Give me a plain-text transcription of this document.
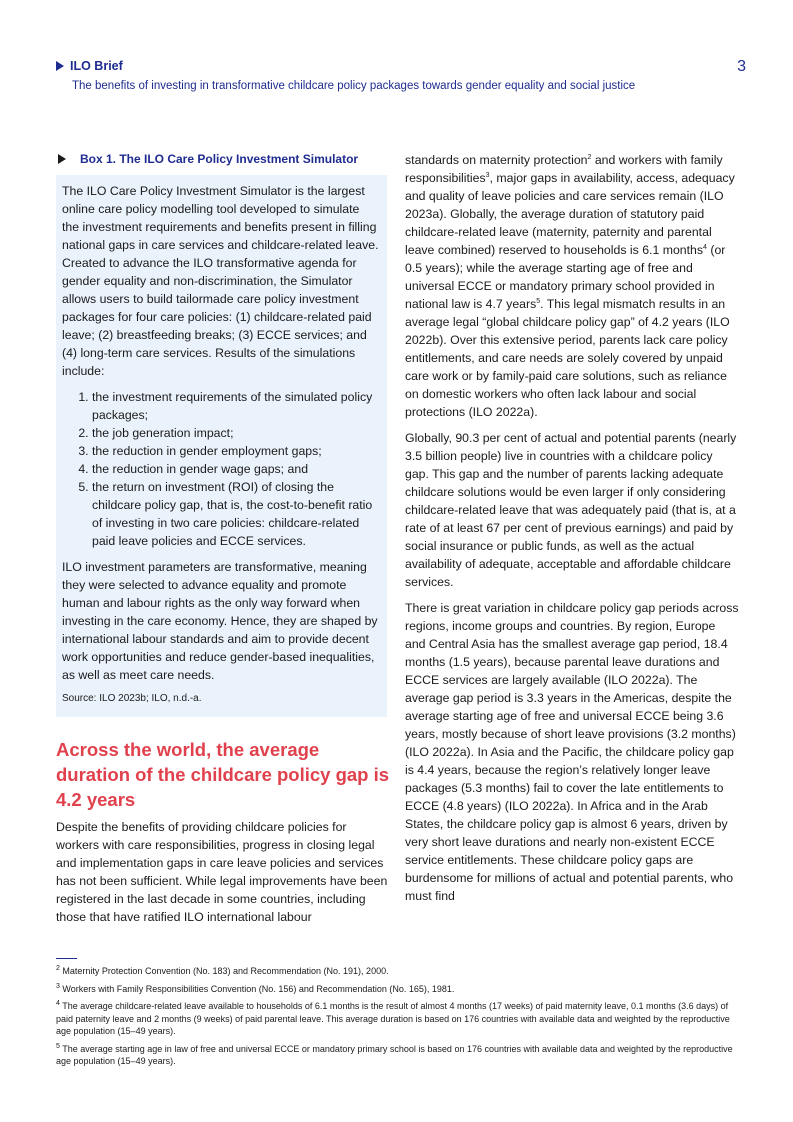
ILO Brief
The benefits of investing in transformative childcare policy packages towards gender equality and social justice
3
Box 1. The ILO Care Policy Investment Simulator

The ILO Care Policy Investment Simulator is the largest online care policy modelling tool developed to simulate the investment requirements and benefits present in filling national gaps in care services and childcare-related leave. Created to advance the ILO transformative agenda for gender equality and non-discrimination, the Simulator allows users to build tailormade care policy investment packages for four care policies: (1) childcare-related paid leave; (2) breastfeeding breaks; (3) ECCE services; and (4) long-term care services. Results of the simulations include:

1. the investment requirements of the simulated policy packages;
2. the job generation impact;
3. the reduction in gender employment gaps;
4. the reduction in gender wage gaps; and
5. the return on investment (ROI) of closing the childcare policy gap, that is, the cost-to-benefit ratio of investing in two care policies: childcare-related paid leave policies and ECCE services.

ILO investment parameters are transformative, meaning they were selected to advance equality and promote human and labour rights as the only way forward when investing in the care economy. Hence, they are shaped by international labour standards and aim to provide decent work opportunities and reduce gender-based inequalities, as well as meet care needs.

Source: ILO 2023b; ILO, n.d.-a.
Across the world, the average duration of the childcare policy gap is 4.2 years

Despite the benefits of providing childcare policies for workers with care responsibilities, progress in closing legal and implementation gaps in care leave policies and services has not been sufficient. While legal improvements have been registered in the last decade in some countries, including those that have ratified ILO international labour

standards on maternity protection$^2$ and workers with family responsibilities$^3$, major gaps in availability, access, adequacy and quality of leave policies and care services remain (ILO 2023a). Globally, the average duration of statutory paid childcare-related leave (maternity, paternity and parental leave combined) reserved to households is 6.1 months$^4$ (or 0.5 years); while the average starting age of free and universal ECCE or mandatory primary school provided in national law is 4.7 years$^5$. This legal mismatch results in an average legal “global childcare policy gap” of 4.2 years (ILO 2022b). Over this extensive period, parents lack care policy entitlements, and care needs are solely covered by unpaid care work or by family-paid care solutions, such as reliance on domestic workers who often lack labour and social protections (ILO 2022a).

Globally, 90.3 per cent of actual and potential parents (nearly 3.5 billion people) live in countries with a childcare policy gap. This gap and the number of parents lacking adequate childcare solutions would be even larger if only considering childcare-related leave that was adequately paid (that is, at a rate of at least 67 per cent of previous earnings) and paid by social insurance or public funds, as well as the actual availability of adequate, acceptable and affordable childcare services.

There is great variation in childcare policy gap periods across regions, income groups and countries. By region, Europe and Central Asia has the smallest average gap period, 18.4 months (1.5 years), because parental leave durations and ECCE services are largely available (ILO 2022a). The average gap period is 3.3 years in the Americas, despite the average starting age of free and universal ECCE being 3.6 years, mostly because of short leave provisions (3.2 months) (ILO 2022a). In Asia and the Pacific, the childcare policy gap is 4.4 years, because the region’s relatively longer leave packages (5.3 months) fail to cover the late entitlements to ECCE (4.8 years) (ILO 2022a). In Africa and in the Arab States, the childcare policy gap is almost 6 years, driven by very short leave durations and nearly non-existent ECCE service entitlements. These childcare policy gaps are burdensome for millions of actual and potential parents, who must find

$^2$ Maternity Protection Convention (No. 183) and Recommendation (No. 191), 2000.
$^3$ Workers with Family Responsibilities Convention (No. 156) and Recommendation (No. 165), 1981.
$^4$ The average childcare-related leave available to households of 6.1 months is the result of almost 4 months (17 weeks) of paid maternity leave, 0.1 months (3.6 days) of paid paternity leave and 2 months (9 weeks) of paid parental leave. This average duration is based on 176 countries with available data and weighted by the reproductive age population (15–49 years).
$^5$ The average starting age in law of free and universal ECCE or mandatory primary school is based on 176 countries with available data and weighted by the reproductive age population (15–49 years).
